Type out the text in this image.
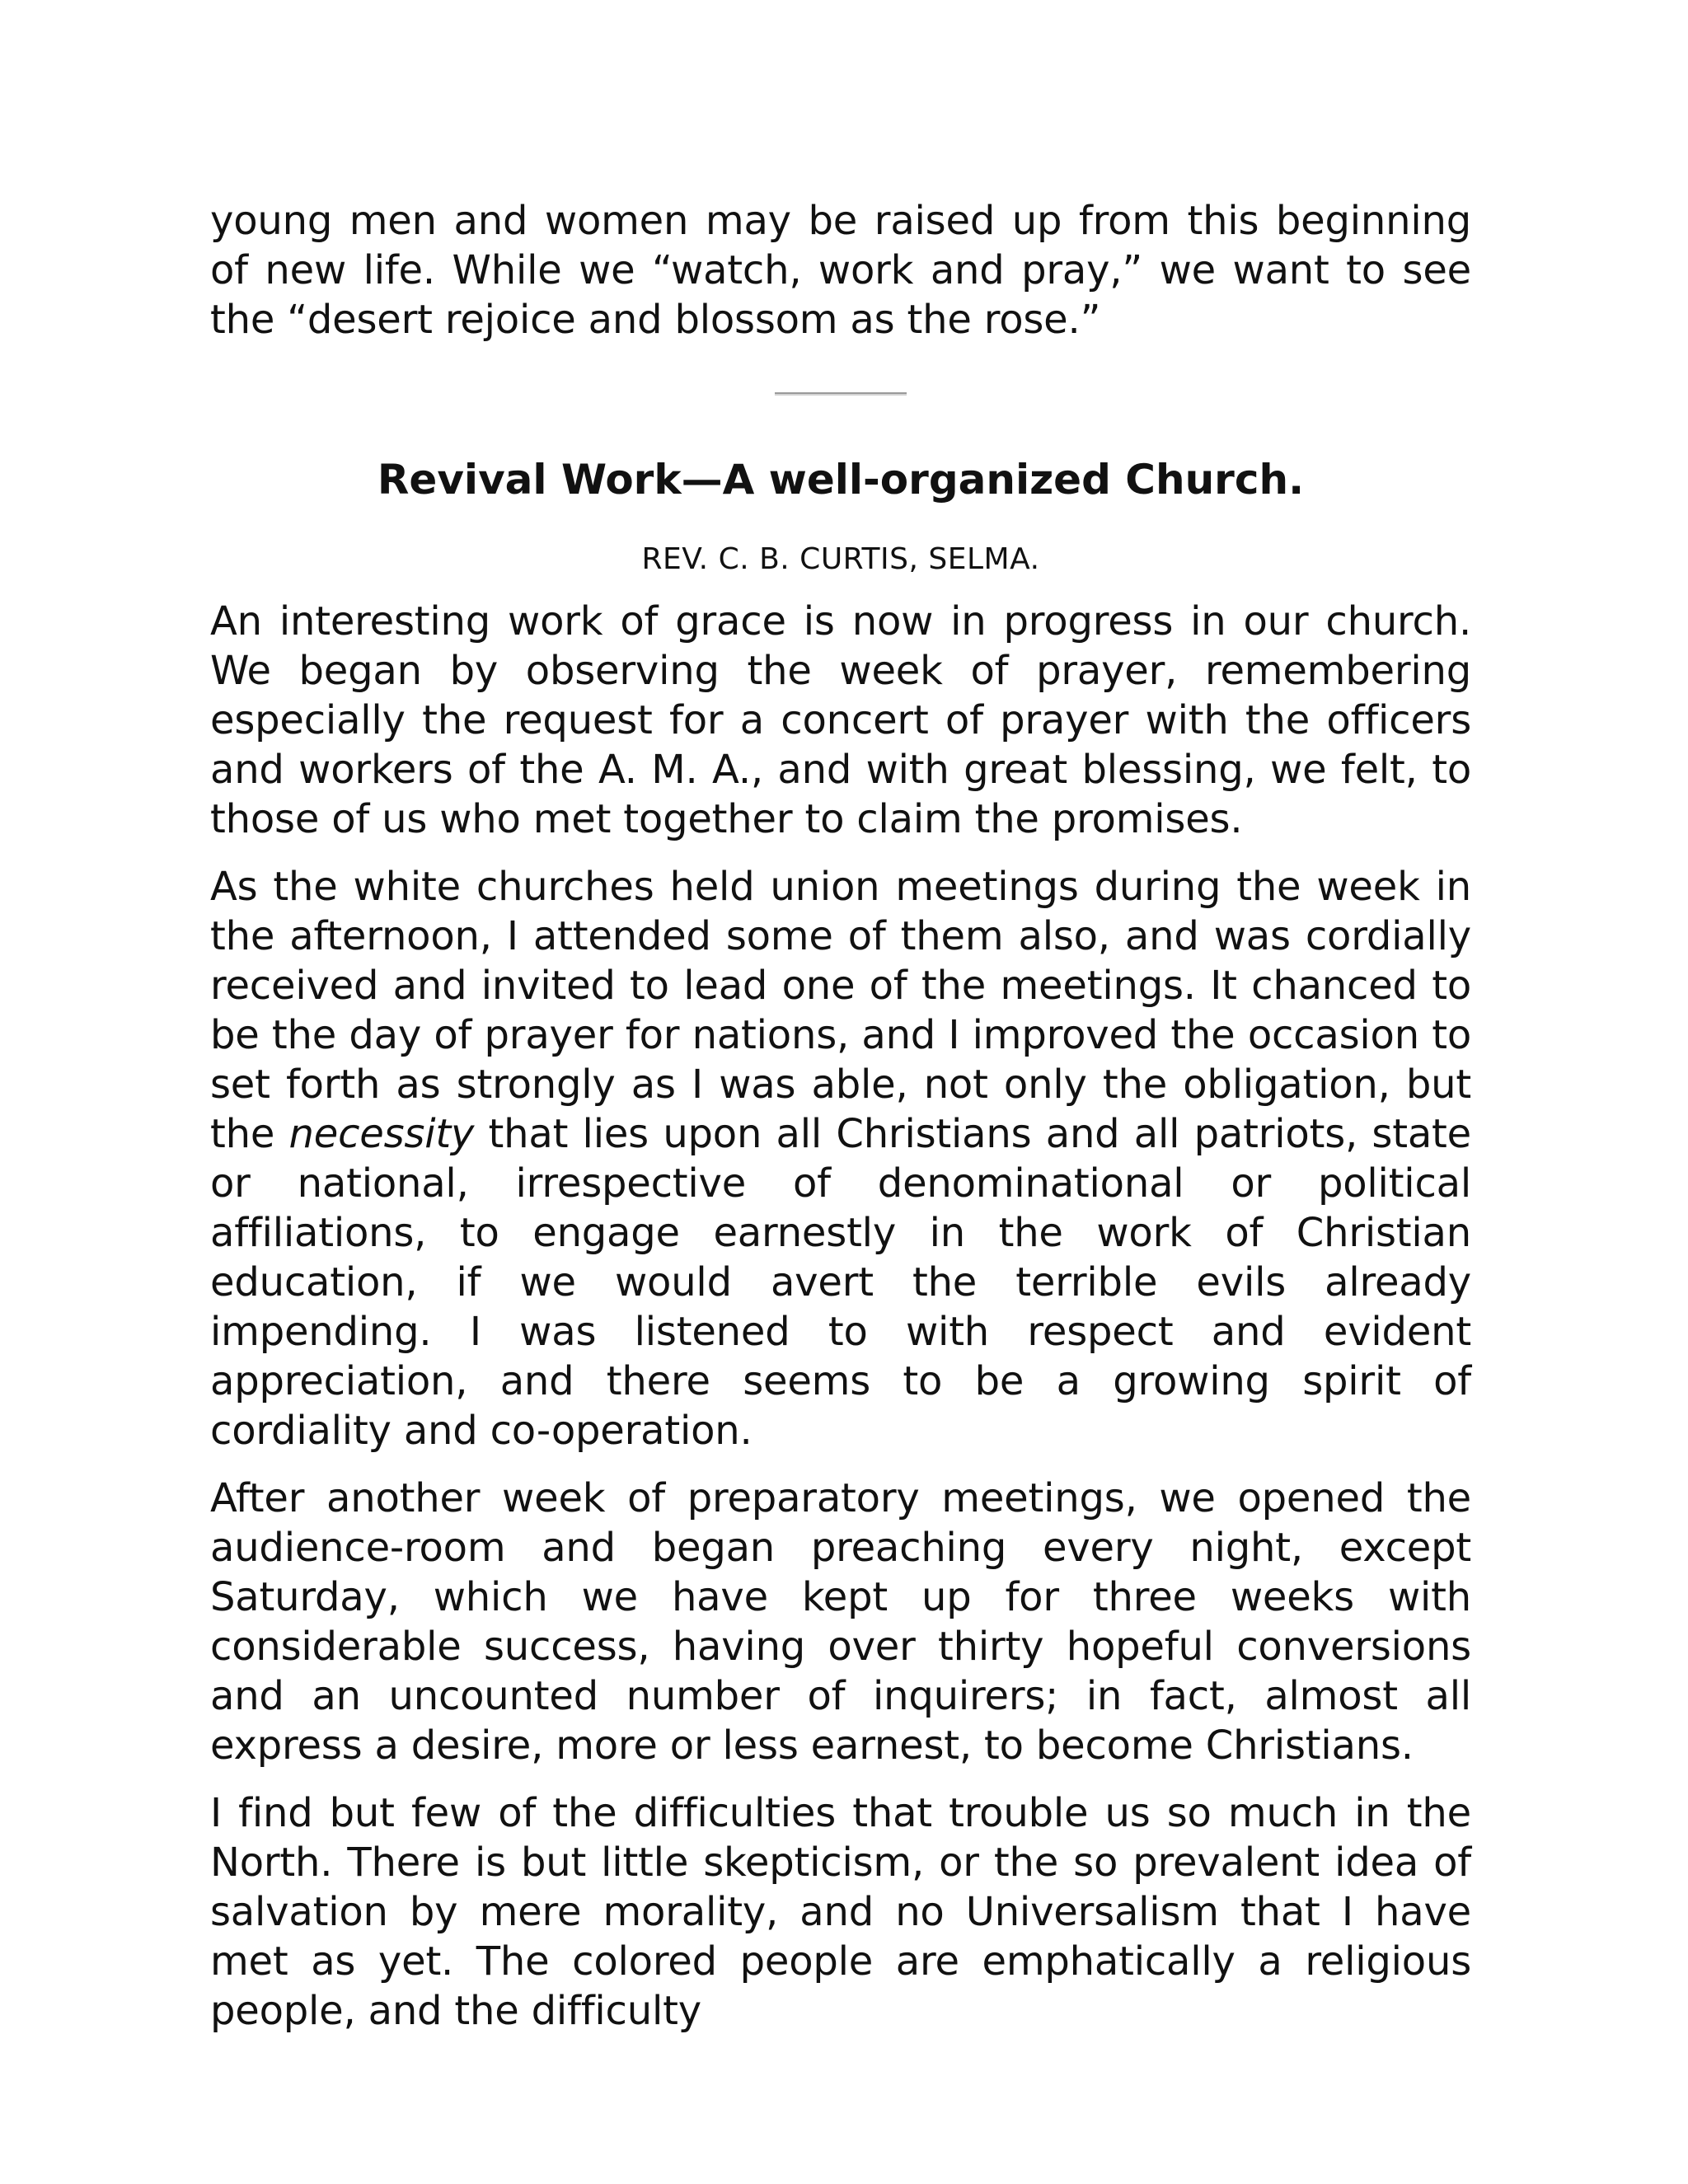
young men and women may be raised up from this beginning of new life. While we “watch, work and pray,” we want to see the “desert rejoice and blossom as the rose.”

Revival Work—A well-organized Church.
REV. C. B. CURTIS, SELMA.

An interesting work of grace is now in progress in our church. We began by observing the week of prayer, remembering especially the request for a concert of prayer with the officers and workers of the A. M. A., and with great blessing, we felt, to those of us who met together to claim the promises.

As the white churches held union meetings during the week in the afternoon, I attended some of them also, and was cordially received and invited to lead one of the meetings. It chanced to be the day of prayer for nations, and I improved the occasion to set forth as strongly as I was able, not only the obligation, but the necessity that lies upon all Christians and all patriots, state or national, irrespective of denominational or political affiliations, to engage earnestly in the work of Christian education, if we would avert the terrible evils already impending. I was listened to with respect and evident appreciation, and there seems to be a growing spirit of cordiality and co-operation.

After another week of preparatory meetings, we opened the audience-room and began preaching every night, except Saturday, which we have kept up for three weeks with considerable success, having over thirty hopeful conversions and an uncounted number of inquirers; in fact, almost all express a desire, more or less earnest, to become Christians.

I find but few of the difficulties that trouble us so much in the North. There is but little skepticism, or the so prevalent idea of salvation by mere morality, and no Universalism that I have met as yet. The colored people are emphatically a religious people, and the difficulty
